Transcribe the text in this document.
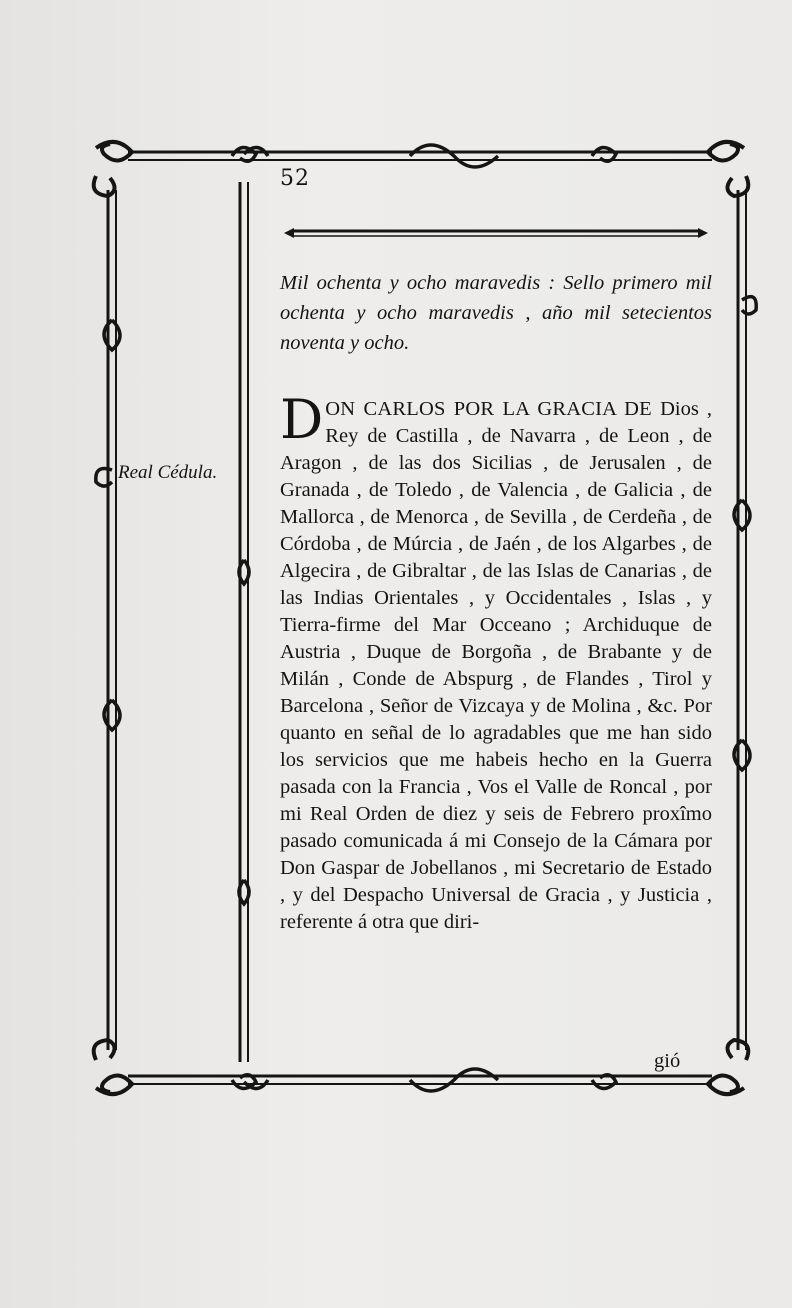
52
Real Cédula.
Mil ochenta y ocho maravedis : Sello primero mil ochenta y ocho maravedis , año mil setecientos noventa y ocho.
D ON CARLOS POR LA GRACIA DE Dios , Rey de Castilla , de Navarra , de Leon , de Aragon , de las dos Sicilias , de Jerusalen , de Granada , de Toledo , de Valencia , de Galicia , de Mallorca , de Menorca , de Sevilla , de Cerdeña , de Córdoba , de Múrcia , de Jaén , de los Algarbes , de Algecira , de Gibraltar , de las Islas de Canarias , de las Indias Orientales , y Occidentales , Islas , y Tierra-firme del Mar Occeano ; Archiduque de Austria , Duque de Borgoña , de Brabante y de Milán , Conde de Abspurg , de Flandes , Tirol y Barcelona , Señor de Vizcaya y de Molina , &c. Por quanto en señal de lo agradables que me han sido los servicios que me habeis hecho en la Guerra pasada con la Francia , Vos el Valle de Roncal , por mi Real Orden de diez y seis de Febrero proxîmo pasado comunicada á mi Consejo de la Cámara por Don Gaspar de Jobellanos , mi Secretario de Estado , y del Despacho Universal de Gracia , y Justicia , referente á otra que diri-
gió
